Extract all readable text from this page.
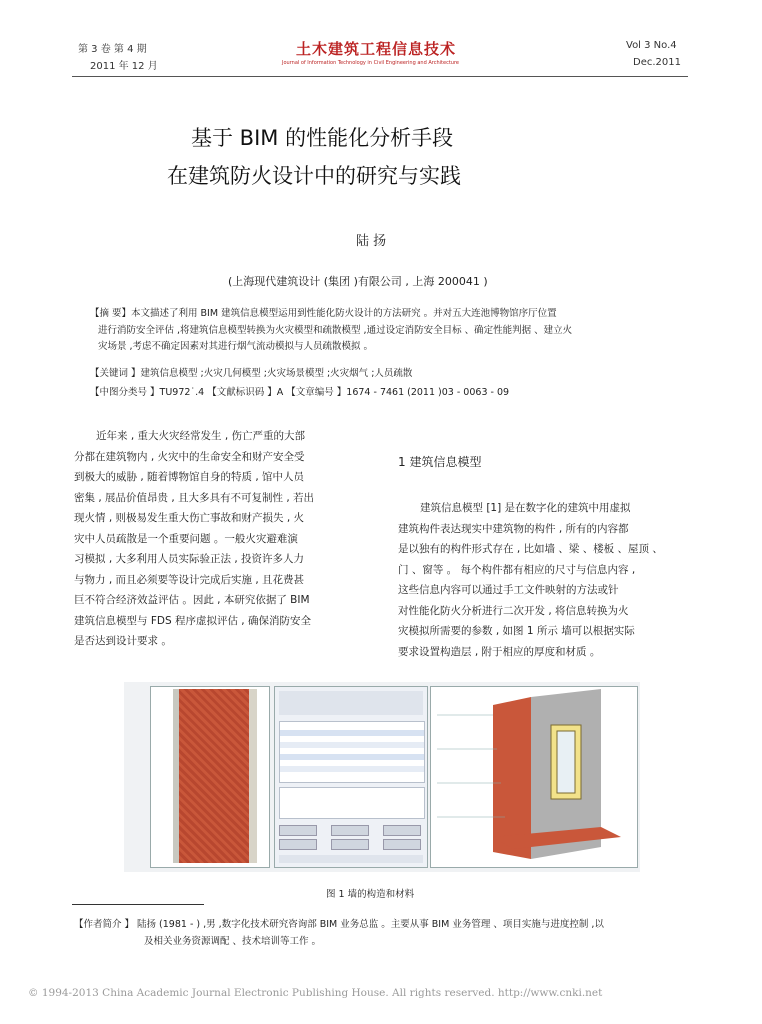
第 3 卷 第 4 期
2011 年 12 月
土木建筑工程信息技术
Journal of Information Technology in Civil Engineering and Architecture
Vol 3 No.4
Dec.2011
基于 BIM 的性能化分析手段
在建筑防火设计中的研究与实践
陆 扬
(上海现代建筑设计 (集团 )有限公司 , 上海 200041 )
【摘 要】本文描述了利用 BIM 建筑信息模型运用到性能化防火设计的方法研究 。并对五大连池博物馆序厅位置
进行消防安全评估 ,将建筑信息模型转换为火灾模型和疏散模型 ,通过设定消防安全目标 、确定性能判据 、建立火
灾场景 ,考虑不确定因素对其进行烟气流动模拟与人员疏散模拟 。
【关键词 】建筑信息模型 ;火灾几何模型 ;火灾场景模型 ;火灾烟气 ;人员疏散
【中图分类号 】TU972˙.4 【文献标识码 】A 【文章编号 】1674 - 7461 (2011 )03 - 0063 - 09
近年来 , 重大火灾经常发生 , 伤亡严重的大部
分都在建筑物内 , 火灾中的生命安全和财产安全受
到极大的威胁 , 随着博物馆自身的特质 , 馆中人员
密集 , 展品价值昂贵 , 且大多具有不可复制性 , 若出
现火情 , 则极易发生重大伤亡事故和财产损失 , 火
灾中人员疏散是一个重要问题 。一般火灾避难演
习模拟 , 大多利用人员实际验正法 , 投资许多人力
与物力 , 而且必须要等设计完成后实施 , 且花费甚
巨不符合经济效益评估 。因此 , 本研究依据了 BIM
建筑信息模型与 FDS 程序虚拟评估 , 确保消防安全
是否达到设计要求 。
1 建筑信息模型
建筑信息模型 [1] 是在数字化的建筑中用虚拟
建筑构件表达现实中建筑物的构件 , 所有的内容都
是以独有的构件形式存在 , 比如墙 、梁 、楼板 、屋顶 、
门 、窗等 。 每个构件都有相应的尺寸与信息内容 ,
这些信息内容可以通过手工文件映射的方法或针
对性能化防火分析进行二次开发 , 将信息转换为火
灾模拟所需要的参数 , 如图 1 所示 墙可以根据实际
要求设置构造层 , 附于相应的厚度和材质 。
图 1 墙的构造和材料
【作者简介 】 陆扬 (1981 - ) ,男 ,数字化技术研究咨询部 BIM 业务总监 。主要从事 BIM 业务管理 、项目实施与进度控制 ,以
及相关业务资源调配 、技术培训等工作 。
© 1994-2013 China Academic Journal Electronic Publishing House. All rights reserved. http://www.cnki.net
